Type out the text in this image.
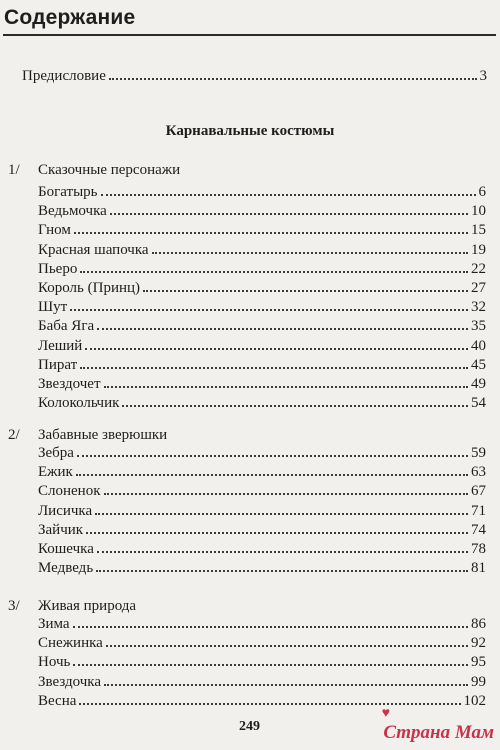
Содержание
Предисловие	3
Карнавальные костюмы
1/ Сказочные персонажи
Богатырь	6
Ведьмочка	10
Гном	15
Красная шапочка	19
Пьеро	22
Король (Принц)	27
Шут	32
Баба Яга	35
Леший	40
Пират	45
Звездочет	49
Колокольчик	54
2/ Забавные зверюшки
Зебра	59
Ежик	63
Слоненок	67
Лисичка	71
Зайчик	74
Кошечка	78
Медведь	81
3/ Живая природа
Зима	86
Снежинка	92
Ночь	95
Звездочка	99
Весна	102
249
♥
Страна Мам
